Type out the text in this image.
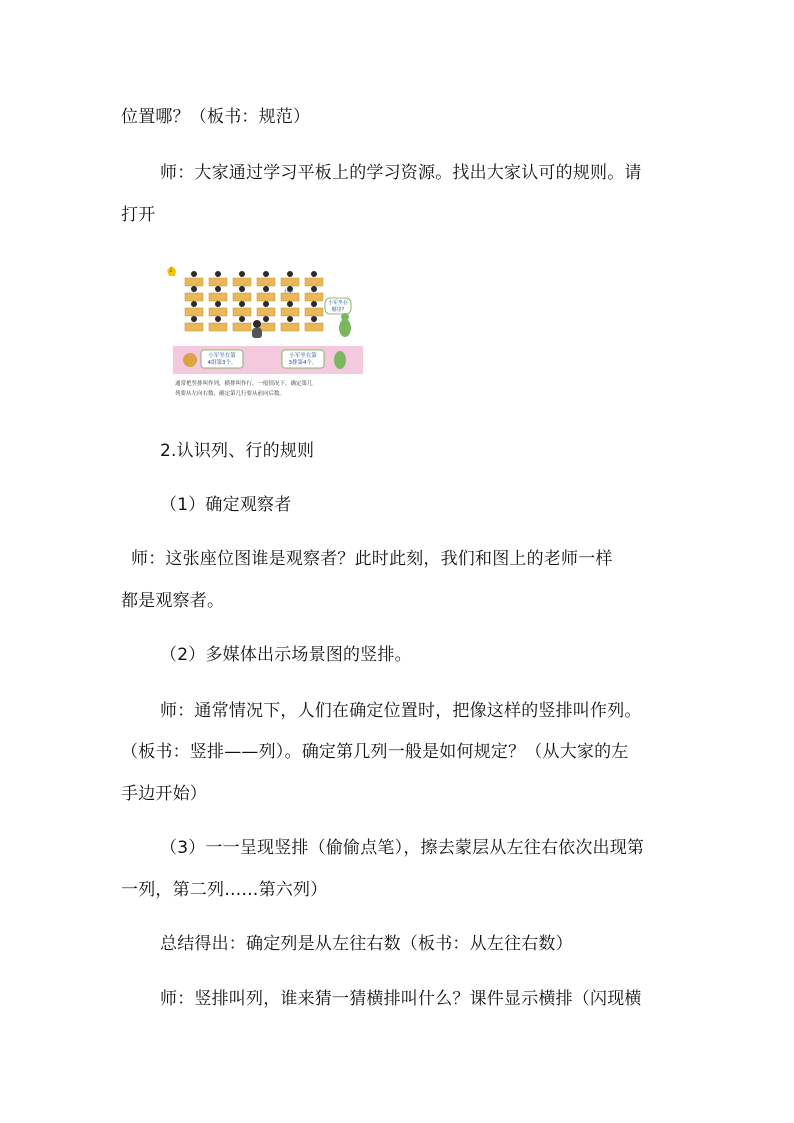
位置哪？（板书：规范）
师：大家通过学习平板上的学习资源。找出大家认可的规则。请
打开
1
小军
小军坐在
哪里?
小军坐在第
4组第3个。
小军坐在第
3排第4个。
通常把竖排叫作列，横排叫作行。一般情况下，确定第几
列要从左向右数，确定第几行要从前向后数。
2.认识列、行的规则
（1）确定观察者
师：这张座位图谁是观察者？此时此刻，我们和图上的老师一样
都是观察者。
（2）多媒体出示场景图的竖排。
师：通常情况下，人们在确定位置时，把像这样的竖排叫作列。
（板书：竖排——列）。确定第几列一般是如何规定？（从大家的左
手边开始）
（3）一一呈现竖排（偷偷点笔），擦去蒙层从左往右依次出现第
一列，第二列……第六列）
总结得出：确定列是从左往右数（板书：从左往右数）
师：竖排叫列，谁来猜一猜横排叫什么？课件显示横排（闪现横
